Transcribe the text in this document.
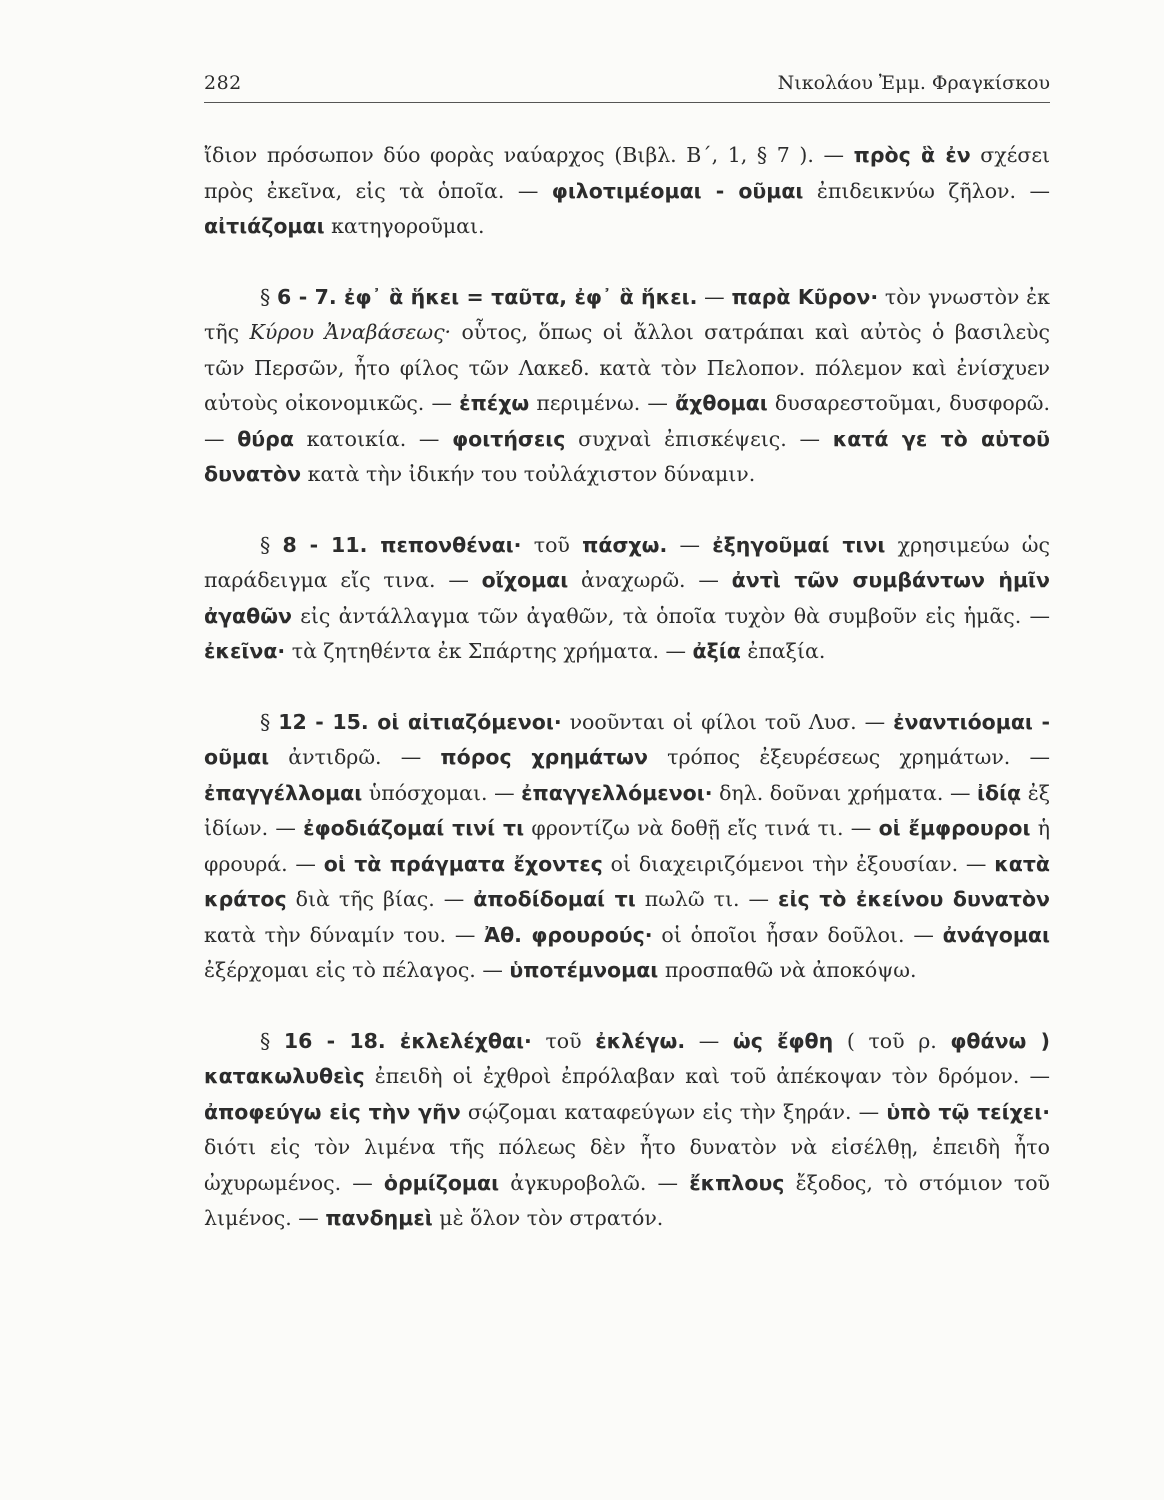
282	Νικολάου Ἐμμ. Φραγκίσκου

ἴδιον πρόσωπον δύο φορὰς ναύαρχος (Βιβλ. Β΄, 1, § 7 ). — πρὸς ἃ ἐν σχέσει πρὸς ἐκεῖνα, εἰς τὰ ὁποῖα. — φιλοτιμέομαι - οῦμαι ἐπιδεικνύω ζῆλον. — αἰτιάζομαι κατηγοροῦμαι.

§ 6 - 7. ἐφ᾽ ἃ ἥκει = ταῦτα, ἐφ᾽ ἃ ἥκει. — παρὰ Κῦρον· τὸν γνωστὸν ἐκ τῆς Κύρου Ἀναβάσεως· οὗτος, ὅπως οἱ ἄλλοι σατράπαι καὶ αὐτὸς ὁ βασιλεὺς τῶν Περσῶν, ἦτο φίλος τῶν Λακεδ. κατὰ τὸν Πελοπον. πόλεμον καὶ ἐνίσχυεν αὐτοὺς οἰκονομικῶς. — ἐπέχω περιμένω. — ἄχθομαι δυσαρεστοῦμαι, δυσφορῶ. — θύρα κατοικία. — φοιτήσεις συχναὶ ἐπισκέψεις. — κατά γε τὸ αὑτοῦ δυνατὸν κατὰ τὴν ἰδικήν του τοὐλάχιστον δύναμιν.

§ 8 - 11. πεπονθέναι· τοῦ πάσχω. — ἐξηγοῦμαί τινι χρησιμεύω ὡς παράδειγμα εἴς τινα. — οἴχομαι ἀναχωρῶ. — ἀντὶ τῶν συμβάντων ἡμῖν ἀγαθῶν εἰς ἀντάλλαγμα τῶν ἀγαθῶν, τὰ ὁποῖα τυχὸν θὰ συμβοῦν εἰς ἡμᾶς. — ἐκεῖνα· τὰ ζητηθέντα ἐκ Σπάρτης χρήματα. — ἀξία ἐπαξία.

§ 12 - 15. οἱ αἰτιαζόμενοι· νοοῦνται οἱ φίλοι τοῦ Λυσ. — ἐναντιόομαι - οῦμαι ἀντιδρῶ. — πόρος χρημάτων τρόπος ἐξευρέσεως χρημάτων. — ἐπαγγέλλομαι ὑπόσχομαι. — ἐπαγγελλόμενοι· δηλ. δοῦναι χρήματα. — ἰδίᾳ ἐξ ἰδίων. — ἐφοδιάζομαί τινί τι φροντίζω νὰ δοθῇ εἴς τινά τι. — οἱ ἔμφρουροι ἡ φρουρά. — οἱ τὰ πράγματα ἔχοντες οἱ διαχειριζόμενοι τὴν ἐξουσίαν. — κατὰ κράτος διὰ τῆς βίας. — ἀποδίδομαί τι πωλῶ τι. — εἰς τὸ ἐκείνου δυνατὸν κατὰ τὴν δύναμίν του. — Ἀθ. φρουρούς· οἱ ὁποῖοι ἦσαν δοῦλοι. — ἀνάγομαι ἐξέρχομαι εἰς τὸ πέλαγος. — ὑποτέμνομαι προσπαθῶ νὰ ἀποκόψω.

§ 16 - 18. ἐκλελέχθαι· τοῦ ἐκλέγω. — ὡς ἔφθη ( τοῦ ρ. φθάνω ) κατακωλυθεὶς ἐπειδὴ οἱ ἐχθροὶ ἐπρόλαβαν καὶ τοῦ ἀπέκοψαν τὸν δρόμον. — ἀποφεύγω εἰς τὴν γῆν σῴζομαι καταφεύγων εἰς τὴν ξηράν. — ὑπὸ τῷ τείχει· διότι εἰς τὸν λιμένα τῆς πόλεως δὲν ἦτο δυνατὸν νὰ εἰσέλθῃ, ἐπειδὴ ἦτο ὠχυρωμένος. — ὁρμίζομαι ἀγκυροβολῶ. — ἔκπλους ἔξοδος, τὸ στόμιον τοῦ λιμένος. — πανδημεὶ μὲ ὅλον τὸν στρατόν.
